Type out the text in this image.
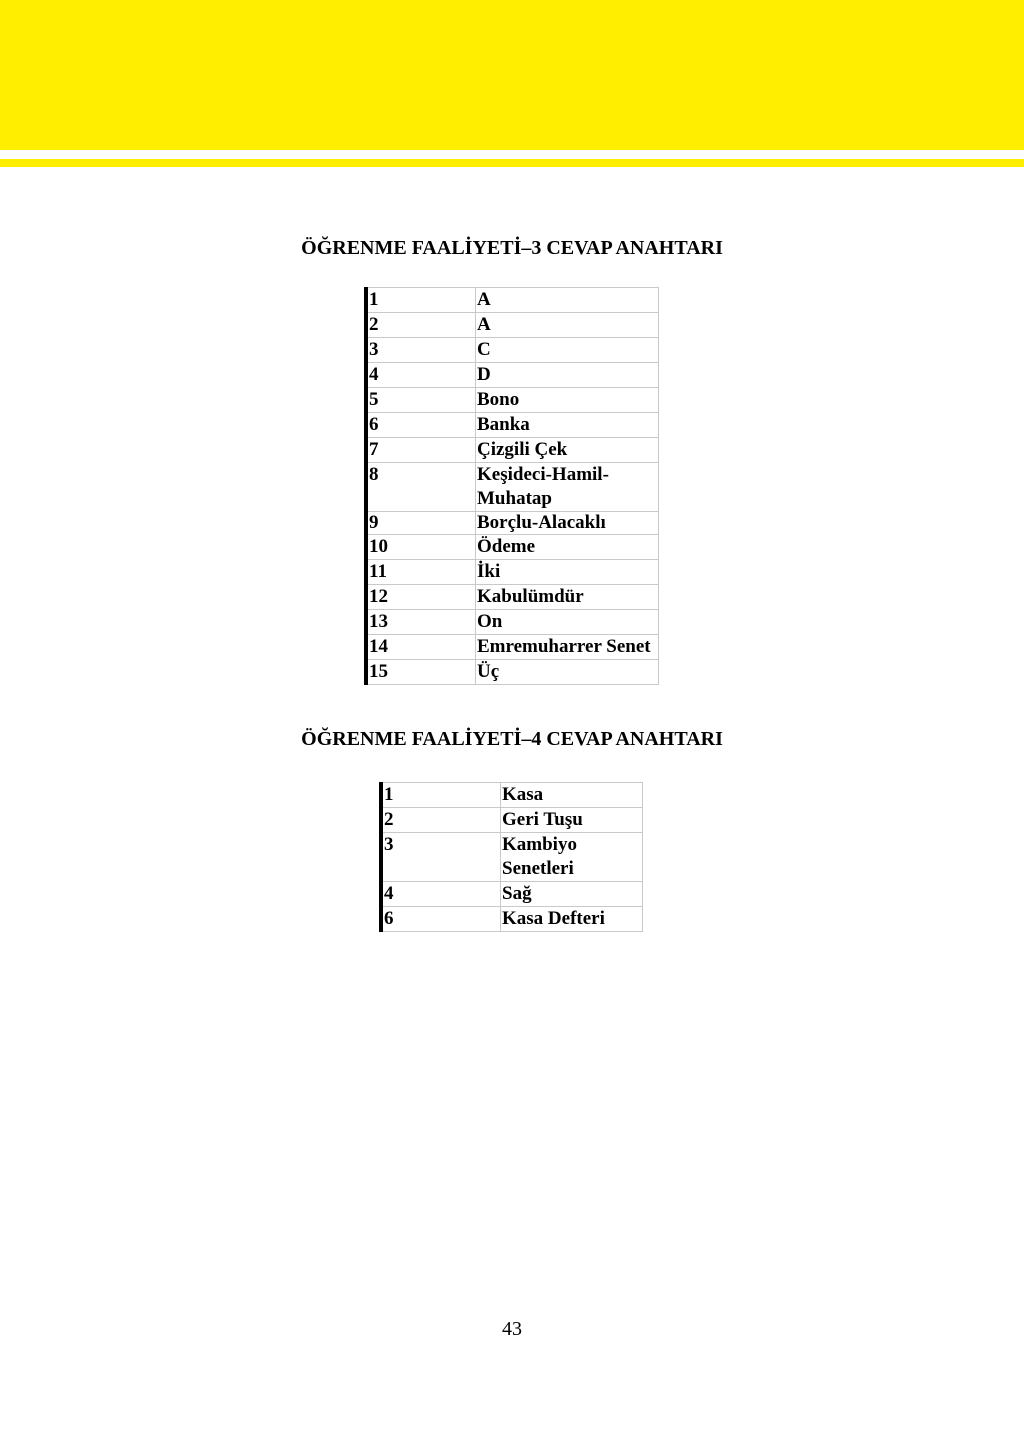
ÖĞRENME FAALİYETİ–3 CEVAP ANAHTARI
1	A
2	A
3	C
4	D
5	Bono
6	Banka
7	Çizgili Çek
8	Keşideci-Hamil-Muhatap
9	Borçlu-Alacaklı
10	Ödeme
11	İki
12	Kabulümdür
13	On
14	Emremuharrer Senet
15	Üç
ÖĞRENME FAALİYETİ–4 CEVAP ANAHTARI
1	Kasa
2	Geri Tuşu
3	Kambiyo Senetleri
4	Sağ
6	Kasa Defteri
43
